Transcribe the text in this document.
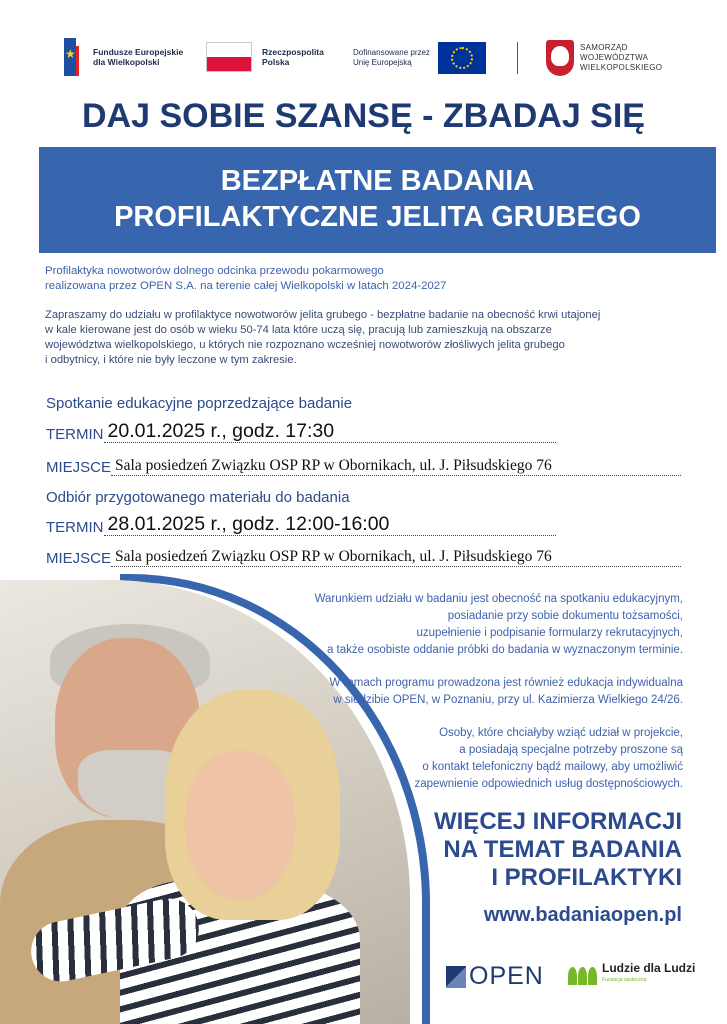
★ Fundusze Europejskie
dla Wielkopolski
Rzeczpospolita
Polska
Dofinansowane przez
Unię Europejską
SAMORZĄD
WOJEWÓDZTWA
WIELKOPOLSKIEGO
DAJ SOBIE SZANSĘ - ZBADAJ SIĘ
BEZPŁATNE BADANIA
PROFILAKTYCZNE JELITA GRUBEGO
Profilaktyka nowotworów dolnego odcinka przewodu pokarmowego
realizowana przez OPEN S.A. na terenie całej Wielkopolski w latach 2024-2027
Zapraszamy do udziału w profilaktyce nowotworów jelita grubego - bezpłatne badanie na obecność krwi utajonej
w kale kierowane jest do osób w wieku 50-74 lata które uczą się, pracują lub zamieszkują na obszarze
województwa wielkopolskiego, u których nie rozpoznano wcześniej nowotworów złośliwych jelita grubego
i odbytnicy, i które nie były leczone w tym zakresie.
Spotkanie edukacyjne poprzedzające badanie
TERMIN 20.01.2025 r., godz. 17:30
MIEJSCE Sala posiedzeń Związku OSP RP w Obornikach, ul. J. Piłsudskiego 76
Odbiór przygotowanego materiału do badania
TERMIN 28.01.2025 r., godz. 12:00-16:00
MIEJSCE Sala posiedzeń Związku OSP RP w Obornikach, ul. J. Piłsudskiego 76
Warunkiem udziału w badaniu jest obecność na spotkaniu edukacyjnym,
posiadanie przy sobie dokumentu tożsamości,
uzupełnienie i podpisanie formularzy rekrutacyjnych,
a także osobiste oddanie próbki do badania w wyznaczonym terminie.
W ramach programu prowadzona jest również edukacja indywidualna
w siedzibie OPEN, w Poznaniu, przy ul. Kazimierza Wielkiego 24/26.
Osoby, które chciałyby wziąć udział w projekcie,
a posiadają specjalne potrzeby proszone są
o kontakt telefoniczny bądź mailowy, aby umożliwić
zapewnienie odpowiednich usług dostępnościowych.
WIĘCEJ INFORMACJI
NA TEMAT BADANIA
I PROFILAKTYKI
www.badaniaopen.pl
OPEN	Ludzie dla Ludzi
Fundacja społeczna
